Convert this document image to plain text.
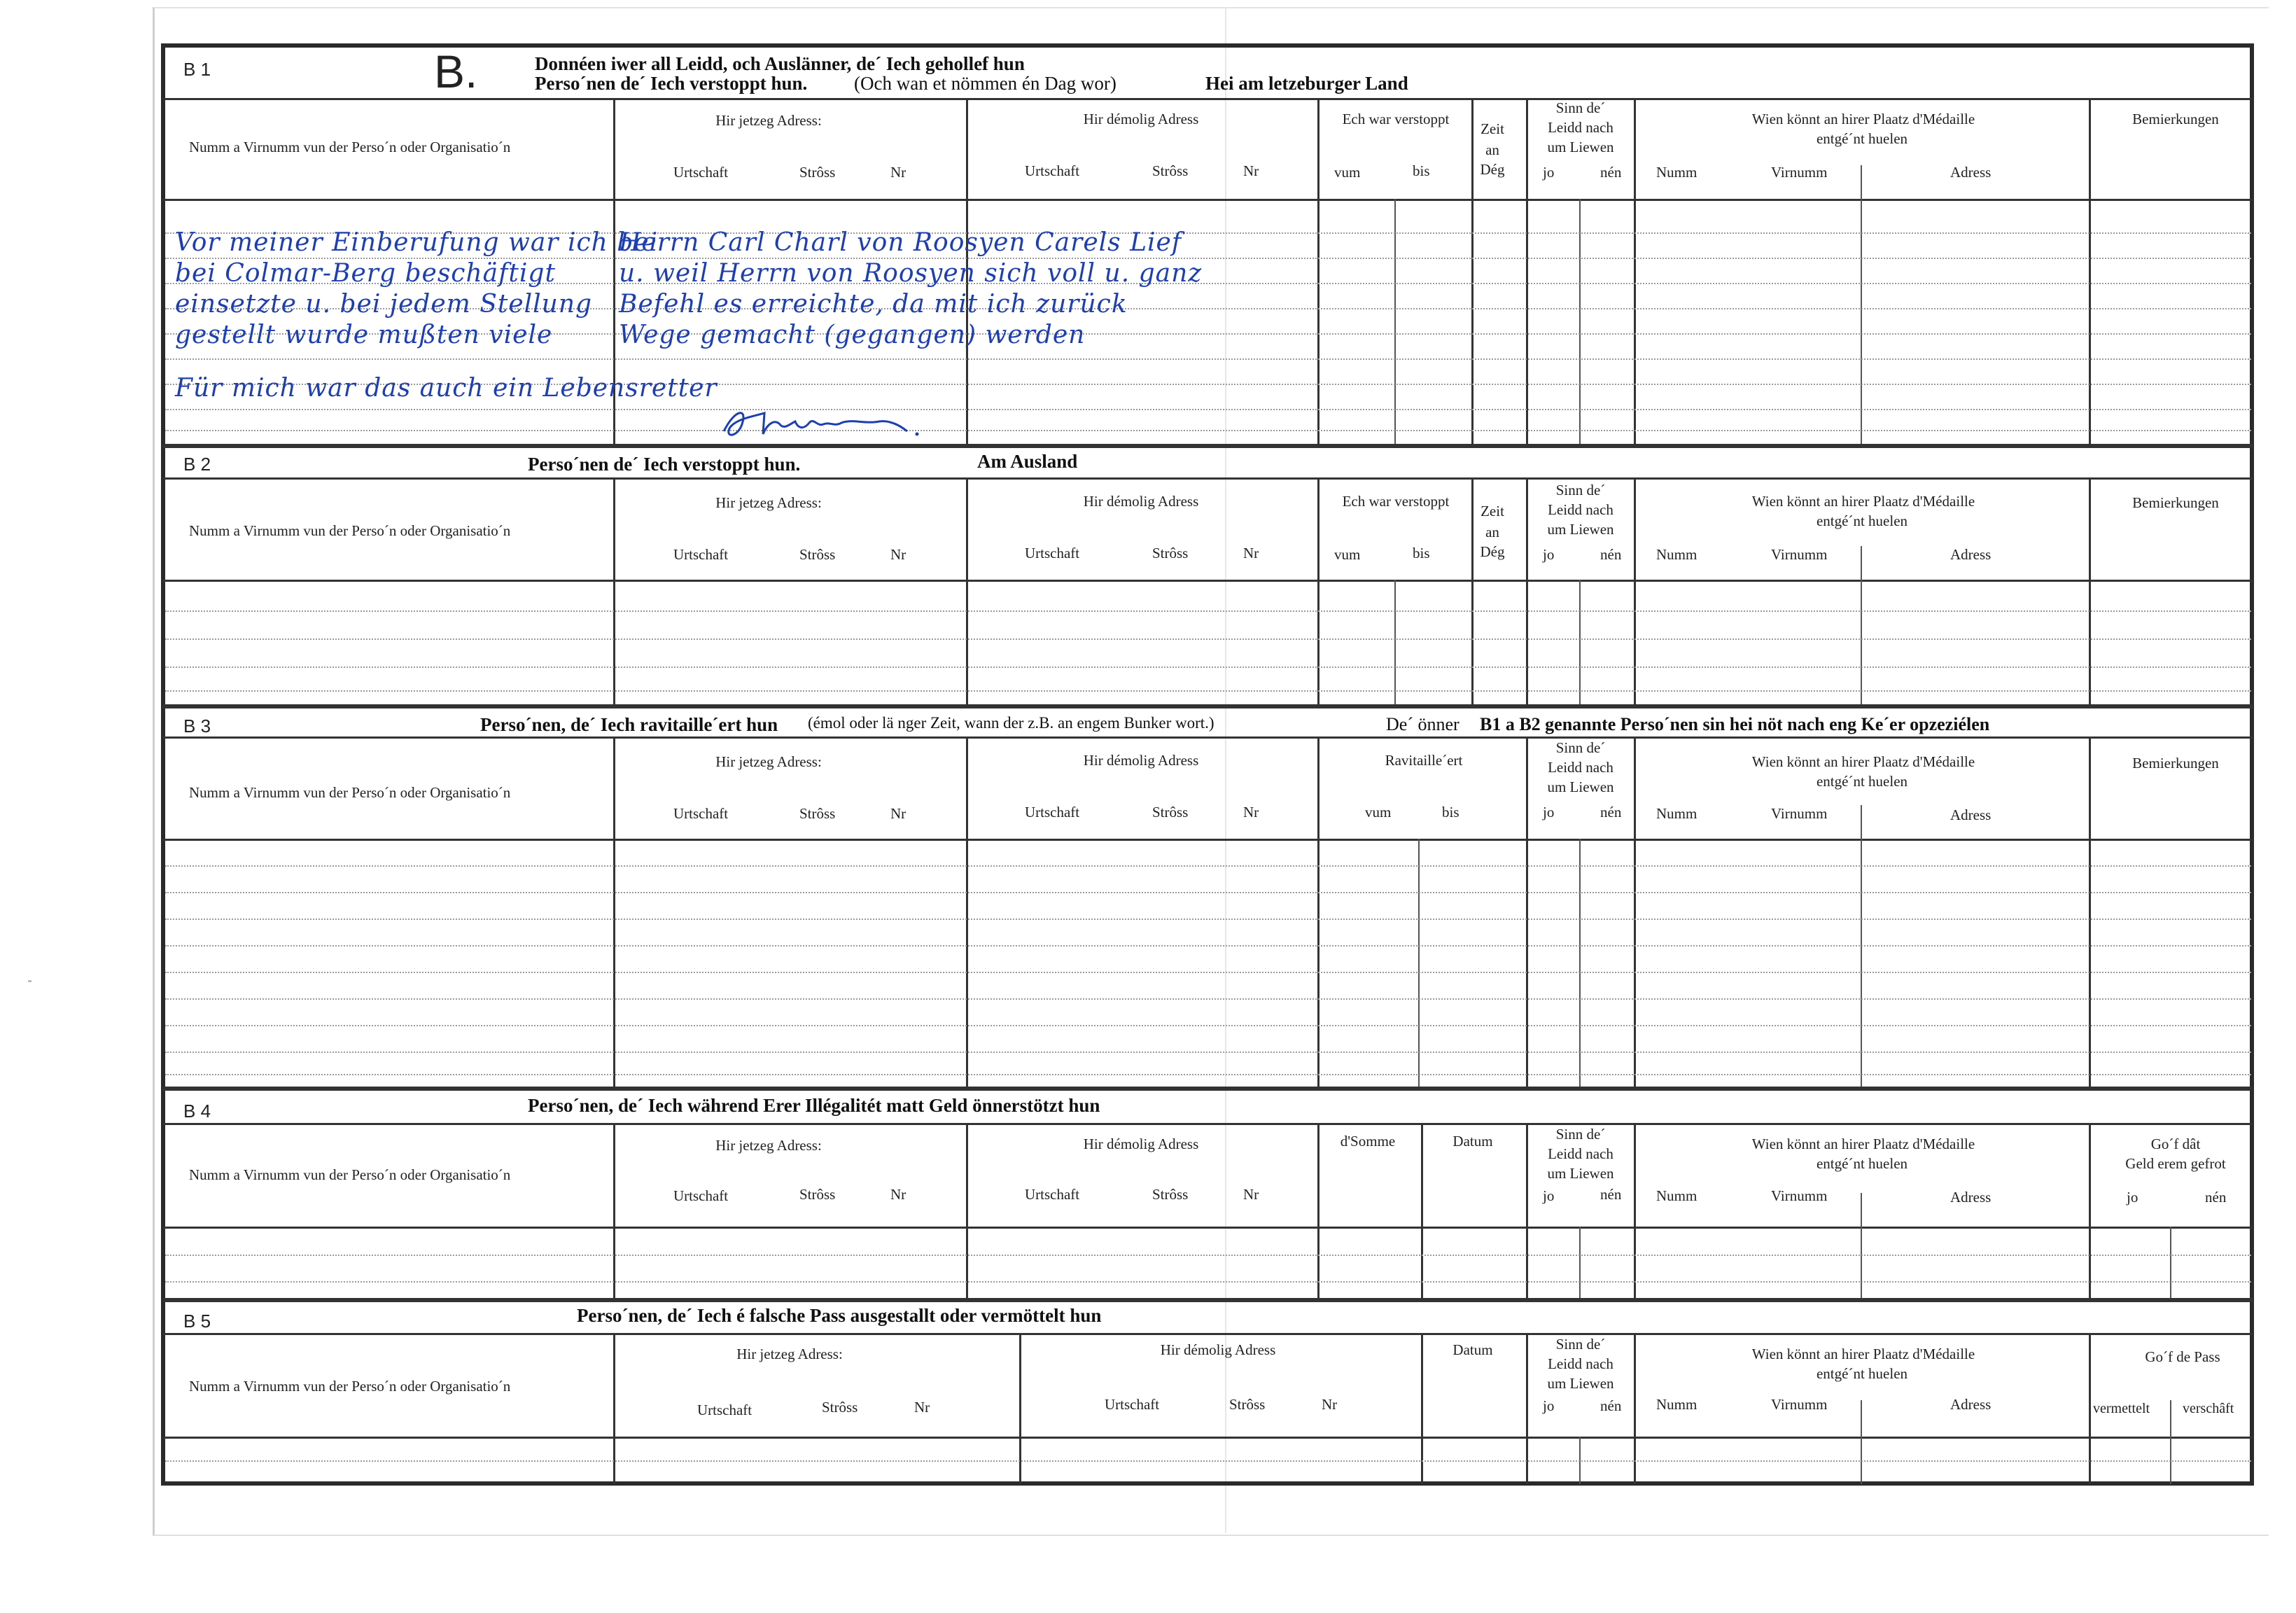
B 1	B.	Donnéen iwer all Leidd, och Auslänner, de´ Iech gehollef hun
Perso´nen de´ Iech verstoppt hun. (Och wan et nömmen én Dag wor)	Hei am letzeburger Land
Numm a Virnumm vun der Perso´n oder Organisatio´n
Hir jetzeg Adress:
Urtschaft	Strôss	Nr
Hir démolig Adress
Urtschaft	Strôss	Nr
Ech war verstoppt
vum	bis
Zeit
an
Dég
Sinn de´
Leidd nach
um Liewen
jo	nén
Wien könnt an hirer Plaatz d'Médaille
entgé´nt huelen
Numm	Virnumm	Adress
Bemierkungen
Vor meiner Einberufung war ich bei
bei Colmar-Berg beschäftigt
einsetzte u. bei jedem Stellung
gestellt wurde mußten viele
Für mich war das auch ein Lebensretter
Herrn Carl Charl von Roosyen Carels Lief
u. weil Herrn von Roosyen sich voll u. ganz
Befehl es erreichte, da mit ich zurück
Wege gemacht (gegangen) werden
B 2	Perso´nen de´ Iech verstoppt hun.	Am Ausland
Numm a Virnumm vun der Perso´n oder Organisatio´n
Hir jetzeg Adress:
Urtschaft	Strôss	Nr
Hir démolig Adress
Urtschaft	Strôss	Nr
Ech war verstoppt
vum	bis
Zeit
an
Dég
Sinn de´
Leidd nach
um Liewen
jo	nén
Wien könnt an hirer Plaatz d'Médaille
entgé´nt huelen
Numm	Virnumm	Adress
Bemierkungen
B 3	Perso´nen, de´ Iech ravitaille´ert hun (émol oder lä nger Zeit, wann der z.B. an engem Bunker wort.)	De´ önner B1 a B2 genannte Perso´nen sin hei nöt nach eng Ke´er opzeziélen
Numm a Virnumm vun der Perso´n oder Organisatio´n
Hir jetzeg Adress:
Urtschaft	Strôss	Nr
Hir démolig Adress
Urtschaft	Strôss	Nr
Ravitaille´ert
vum	bis
Sinn de´
Leidd nach
um Liewen
jo	nén
Wien könnt an hirer Plaatz d'Médaille
entgé´nt huelen
Numm	Virnumm	Adress
Bemierkungen
B 4	Perso´nen, de´ Iech während Erer Illégalitét matt Geld önnerstötzt hun
Numm a Virnumm vun der Perso´n oder Organisatio´n
Hir jetzeg Adress:
Urtschaft	Strôss	Nr
Hir démolig Adress
Urtschaft	Strôss	Nr
d'Somme	Datum	Sinn de´
Leidd nach
um Liewen
jo	nén
Wien könnt an hirer Plaatz d'Médaille
entgé´nt huelen
Numm	Virnumm	Adress
Go´f dât
Geld erem gefrot
jo	nén
B 5	Perso´nen, de´ Iech é falsche Pass ausgestallt oder vermöttelt hun
Numm a Virnumm vun der Perso´n oder Organisatio´n
Hir jetzeg Adress:
Urtschaft	Strôss	Nr
Hir démolig Adress
Urtschaft	Strôss	Nr
Datum	Sinn de´
Leidd nach
um Liewen
jo	nén
Wien könnt an hirer Plaatz d'Médaille
entgé´nt huelen
Numm	Virnumm	Adress
Go´f de Pass
vermettelt verschâft
